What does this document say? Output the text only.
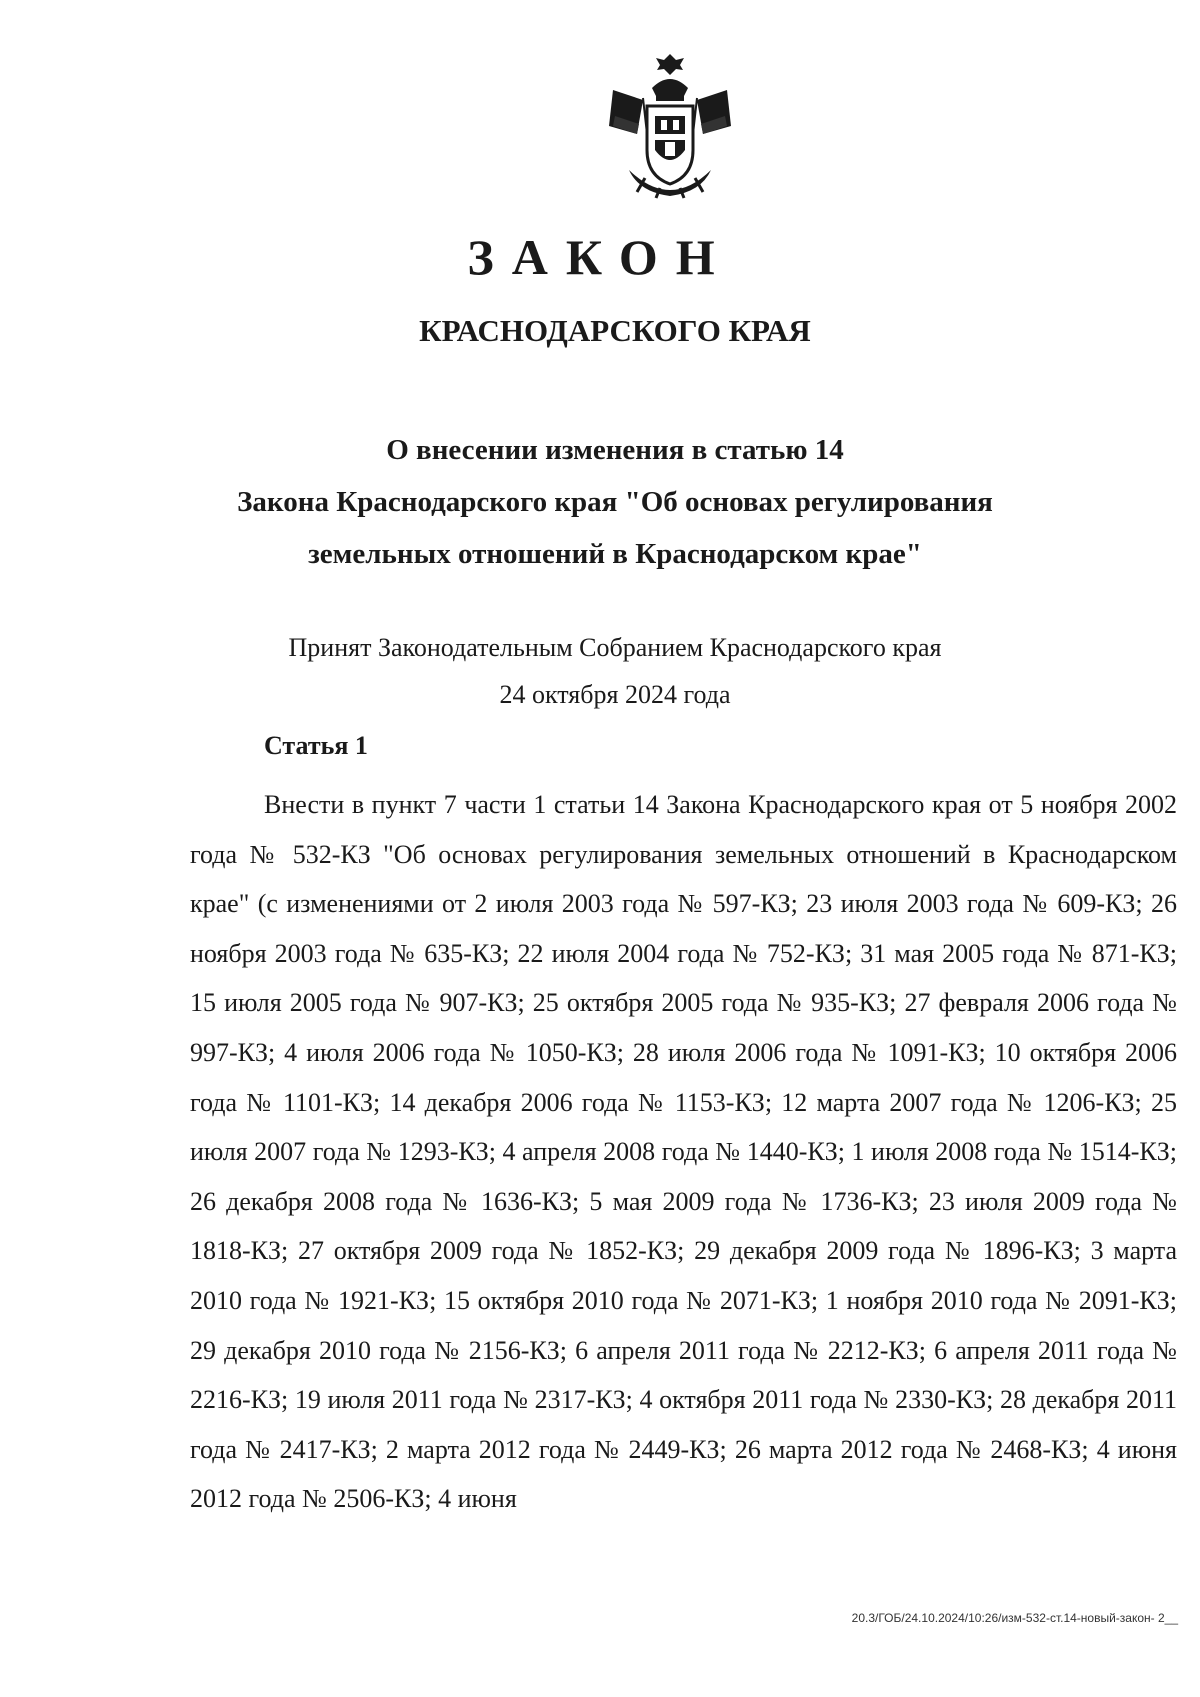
ЗАКОН
КРАСНОДАРСКОГО КРАЯ
О внесении изменения в статью 14
Закона Краснодарского края "Об основах регулирования
земельных отношений в Краснодарском крае"
Принят Законодательным Собранием Краснодарского края
24 октября 2024 года
Статья 1

Внести в пункт 7 части 1 статьи 14 Закона Краснодарского края от 5 ноября 2002 года № 532-КЗ "Об основах регулирования земельных отношений в Краснодарском крае" (с изменениями от 2 июля 2003 года № 597-КЗ; 23 июля 2003 года № 609-КЗ; 26 ноября 2003 года № 635-КЗ; 22 июля 2004 года № 752-КЗ; 31 мая 2005 года № 871-КЗ; 15 июля 2005 года № 907-КЗ; 25 октября 2005 года № 935-КЗ; 27 февраля 2006 года № 997-КЗ; 4 июля 2006 года № 1050-КЗ; 28 июля 2006 года № 1091-КЗ; 10 октября 2006 года № 1101-КЗ; 14 декабря 2006 года № 1153-КЗ; 12 марта 2007 года № 1206-КЗ; 25 июля 2007 года № 1293-КЗ; 4 апреля 2008 года № 1440-КЗ; 1 июля 2008 года № 1514-КЗ; 26 декабря 2008 года № 1636-КЗ; 5 мая 2009 года № 1736-КЗ; 23 июля 2009 года № 1818-КЗ; 27 октября 2009 года № 1852-КЗ; 29 декабря 2009 года № 1896-КЗ; 3 марта 2010 года № 1921-КЗ; 15 октября 2010 года № 2071-КЗ; 1 ноября 2010 года № 2091-КЗ; 29 декабря 2010 года № 2156-КЗ; 6 апреля 2011 года № 2212-КЗ; 6 апреля 2011 года № 2216-КЗ; 19 июля 2011 года № 2317-КЗ; 4 октября 2011 года № 2330-КЗ; 28 декабря 2011 года № 2417-КЗ; 2 марта 2012 года № 2449-КЗ; 26 марта 2012 года № 2468-КЗ; 4 июня 2012 года № 2506-КЗ; 4 июня

20.3/ГОБ/24.10.2024/10:26/изм-532-ст.14-новый-закон- 2__
